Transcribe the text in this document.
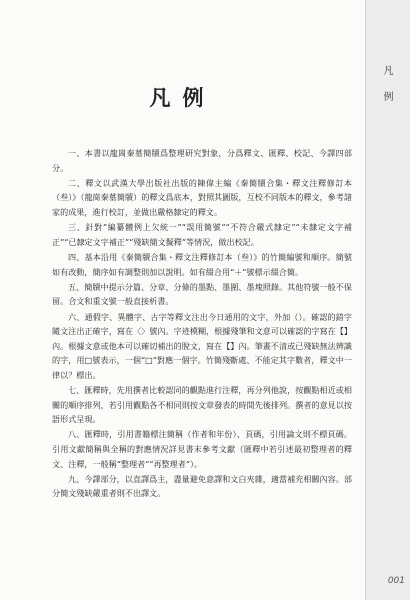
凡例

一、本書以龍崗秦墓簡牘爲整理研究對象，分爲釋文、匯釋、校記、今譯四部分。

二、釋文以武漢大學出版社出版的陳偉主編《秦簡牘合集・釋文注釋修訂本（叁）》（龍崗秦墓簡牘）的釋文爲底本，對照其圖版，互校不同版本的釋文，參考諸家的成果，進行校訂，並做出嚴格隸定的釋文。

三、針對“編纂體例上欠統一”“誤用簡號”“不符合嚴式隸定”“未隸定文字補正”“已隸定文字補正”“殘缺簡文擬釋”等情況，做出校記。

四、基本沿用《秦簡牘合集・釋文注釋修訂本（叁）》的竹簡編號和順序。簡號如有改動，簡序如有調整則加以說明。如有綴合用“＋”號標示綴合簡。

五、簡牘中提示分篇、分章、分條的墨點、墨圍、墨塊照錄。其他符號一般不保留。合文和重文號一般直接析書。

六、通假字、異體字、古字等釋文注出今日通用的文字，外加（）。確認的錯字隨文注出正確字，寫在〈〉號內。字迹模糊，根據殘筆和文意可以確認的字寫在【】內。根據文意或他本可以確切補出的脫文，寫在【】內。筆畫不清或已殘缺無法辨識的字，用□號表示，一個“□”對應一個字。竹簡殘斷處、不能定其字數者，釋文中一律以？標出。

七、匯釋時，先用撰者比較認同的觀點進行注釋，再分列他說，按觀點相近或相關的順序排列，若引用觀點各不相同則按文章發表的時間先後排列。撰者的意見以按語形式呈現。

八、匯釋時，引用書籍標注簡稱（作者和年份）、頁碼，引用論文則不標頁碼。引用文獻簡稱與全稱的對應情況詳見書末參考文獻（匯釋中若引述最初整理者的釋文、注釋，一般稱“整理者”“再整理者”）。

九、今譯部分，以直譯爲主，盡量避免意譯和文白夾雜，適當補充相關內容。部分簡文殘缺嚴重者則不出譯文。

凡
例
001
